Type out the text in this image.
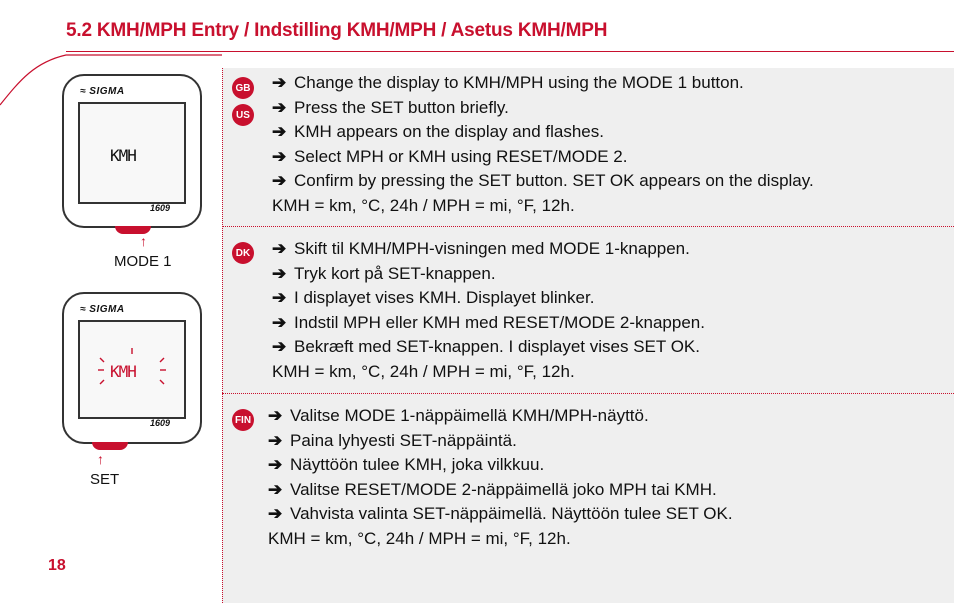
5.2 KMH/MPH Entry / Indstilling KMH/MPH / Asetus KMH/MPH
≈ SIGMA
KMH
1609
↑
MODE 1
≈ SIGMA
KMH
1609
↑
SET
GB
US
➔ Change the display to KMH/MPH using the MODE 1 button.
➔ Press the SET button briefly.
➔ KMH appears on the display and flashes.
➔ Select MPH or KMH using RESET/MODE 2.
➔ Confirm by pressing the SET button. SET OK appears on the display.
KMH = km, °C, 24h / MPH = mi, °F, 12h.
DK ➔ Skift til KMH/MPH-visningen med MODE 1-knappen.
➔ Tryk kort på SET-knappen.
➔ I displayet vises KMH. Displayet blinker.
➔ Indstil MPH eller KMH med RESET/MODE 2-knappen.
➔ Bekræft med SET-knappen. I displayet vises SET OK.
KMH = km, °C, 24h / MPH = mi, °F, 12h.
FIN ➔ Valitse MODE 1-näppäimellä KMH/MPH-näyttö.
➔ Paina lyhyesti SET-näppäintä.
➔ Näyttöön tulee KMH, joka vilkkuu.
➔ Valitse RESET/MODE 2-näppäimellä joko MPH tai KMH.
➔ Vahvista valinta SET-näppäimellä. Näyttöön tulee SET OK.
KMH = km, °C, 24h / MPH = mi, °F, 12h.
18
